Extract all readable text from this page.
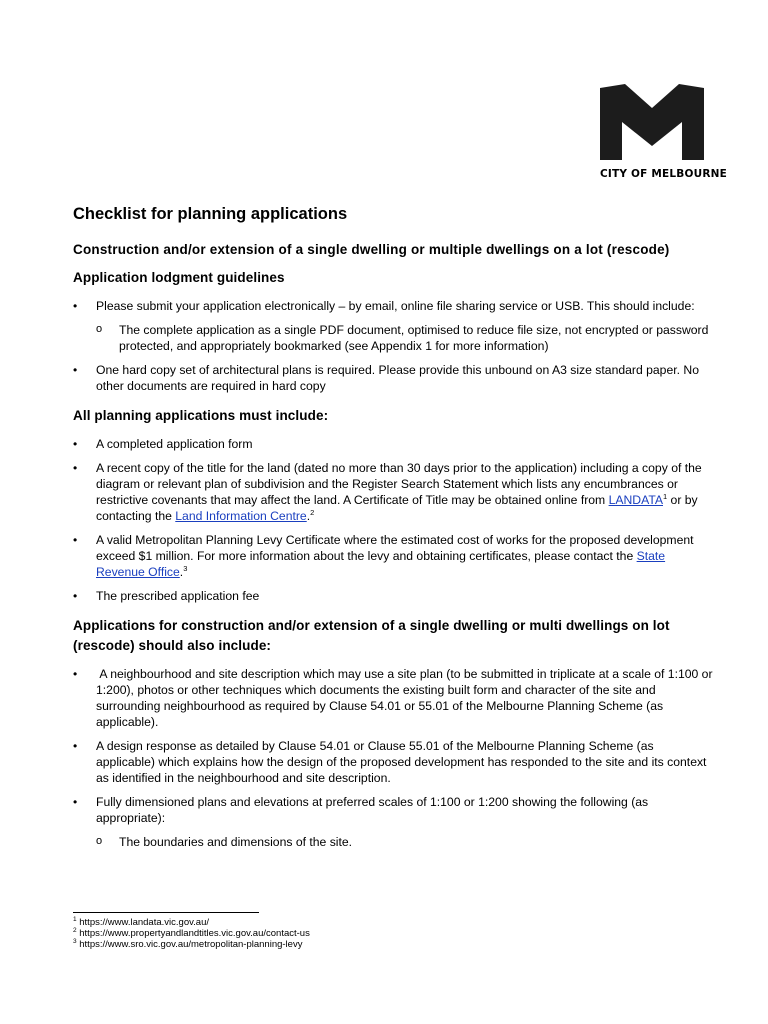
CITY OF MELBOURNE
Checklist for planning applications
Construction and/or extension of a single dwelling or multiple dwellings on a lot (rescode)
Application lodgment guidelines
• Please submit your application electronically – by email, online file sharing service or USB. This should include:
o The complete application as a single PDF document, optimised to reduce file size, not encrypted or password protected, and appropriately bookmarked (see Appendix 1 for more information)
• One hard copy set of architectural plans is required. Please provide this unbound on A3 size standard paper. No other documents are required in hard copy
All planning applications must include:
• A completed application form
• A recent copy of the title for the land (dated no more than 30 days prior to the application) including a copy of the diagram or relevant plan of subdivision and the Register Search Statement which lists any encumbrances or restrictive covenants that may affect the land. A Certificate of Title may be obtained online from LANDATA$^1$ or by contacting the Land Information Centre.$^2$
• A valid Metropolitan Planning Levy Certificate where the estimated cost of works for the proposed development exceed $1 million. For more information about the levy and obtaining certificates, please contact the State Revenue Office.$^3$
• The prescribed application fee
Applications for construction and/or extension of a single dwelling or multi dwellings on lot (rescode) should also include:
•  A neighbourhood and site description which may use a site plan (to be submitted in triplicate at a scale of 1:100 or 1:200), photos or other techniques which documents the existing built form and character of the site and surrounding neighbourhood as required by Clause 54.01 or 55.01 of the Melbourne Planning Scheme (as applicable).
• A design response as detailed by Clause 54.01 or Clause 55.01 of the Melbourne Planning Scheme (as applicable) which explains how the design of the proposed development has responded to the site and its context as identified in the neighbourhood and site description.
• Fully dimensioned plans and elevations at preferred scales of 1:100 or 1:200 showing the following (as appropriate):
o The boundaries and dimensions of the site.
$^1$ https://www.landata.vic.gov.au/
$^2$ https://www.propertyandlandtitles.vic.gov.au/contact-us
$^3$ https://www.sro.vic.gov.au/metropolitan-planning-levy
